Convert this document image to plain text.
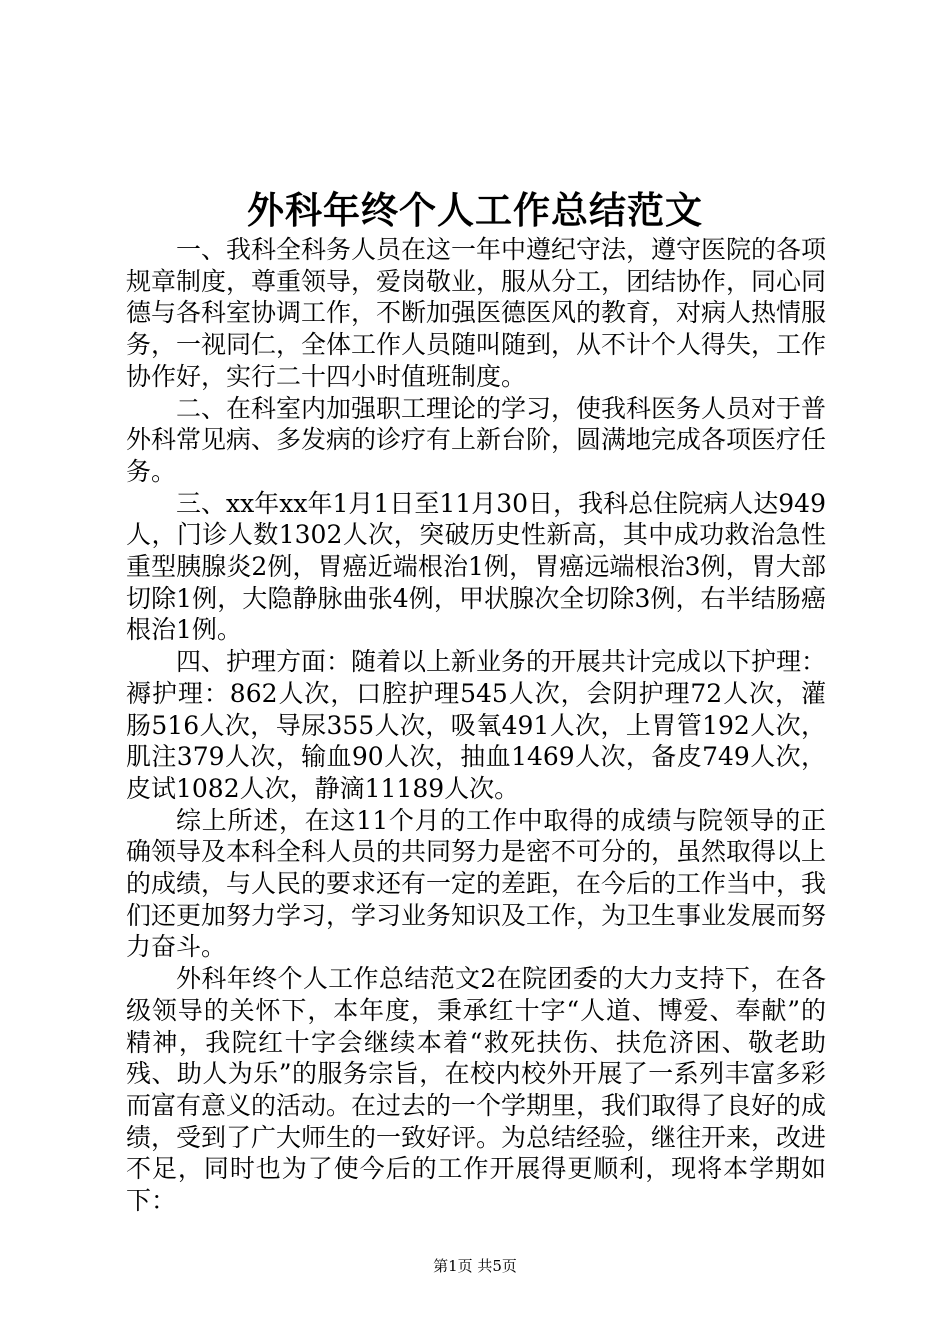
外科年终个人工作总结范文

一、我科全科务人员在这一年中遵纪守法，遵守医院的各项规章制度，尊重领导，爱岗敬业，服从分工，团结协作，同心同德与各科室协调工作，不断加强医德医风的教育，对病人热情服务，一视同仁，全体工作人员随叫随到，从不计个人得失，工作协作好，实行二十四小时值班制度。

二、在科室内加强职工理论的学习，使我科医务人员对于普外科常见病、多发病的诊疗有上新台阶，圆满地完成各项医疗任务。

三、xx年xx年1月1日至11月30日，我科总住院病人达949人，门诊人数1302人次，突破历史性新高，其中成功救治急性重型胰腺炎2例，胃癌近端根治1例，胃癌远端根治3例，胃大部切除1例，大隐静脉曲张4例，甲状腺次全切除3例，右半结肠癌根治1例。

四、护理方面：随着以上新业务的开展共计完成以下护理：褥护理：862人次，口腔护理545人次，会阴护理72人次，灌肠516人次，导尿355人次，吸氧491人次，上胃管192人次，肌注379人次，输血90人次，抽血1469人次，备皮749人次，皮试1082人次，静滴11189人次。

综上所述，在这11个月的工作中取得的成绩与院领导的正确领导及本科全科人员的共同努力是密不可分的，虽然取得以上的成绩，与人民的要求还有一定的差距，在今后的工作当中，我们还更加努力学习，学习业务知识及工作，为卫生事业发展而努力奋斗。

外科年终个人工作总结范文2在院团委的大力支持下，在各级领导的关怀下，本年度，秉承红十字“人道、博爱、奉献”的精神，我院红十字会继续本着“救死扶伤、扶危济困、敬老助残、助人为乐”的服务宗旨，在校内校外开展了一系列丰富多彩而富有意义的活动。在过去的一个学期里，我们取得了良好的成绩，受到了广大师生的一致好评。为总结经验，继往开来，改进不足，同时也为了使今后的工作开展得更顺利，现将本学期如下：

第1页 共5页
